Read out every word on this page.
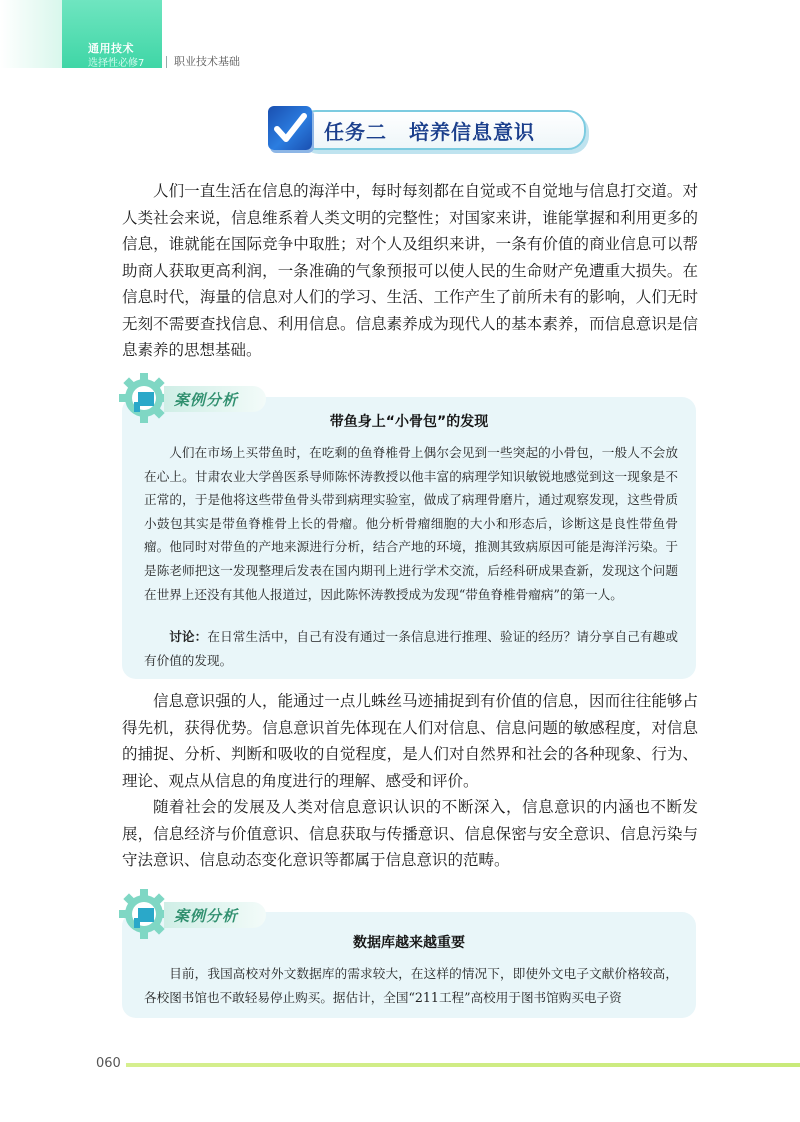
通用技术
选择性必修7	职业技术基础
任务二 培养信息意识

人们一直生活在信息的海洋中，每时每刻都在自觉或不自觉地与信息打交道。对人类社会来说，信息维系着人类文明的完整性；对国家来讲，谁能掌握和利用更多的信息，谁就能在国际竞争中取胜；对个人及组织来讲，一条有价值的商业信息可以帮助商人获取更高利润，一条准确的气象预报可以使人民的生命财产免遭重大损失。在信息时代，海量的信息对人们的学习、生活、工作产生了前所未有的影响，人们无时无刻不需要查找信息、利用信息。信息素养成为现代人的基本素养，而信息意识是信息素养的思想基础。

带鱼身上“小骨包”的发现

人们在市场上买带鱼时，在吃剩的鱼脊椎骨上偶尔会见到一些突起的小骨包，一般人不会放在心上。甘肃农业大学兽医系导师陈怀涛教授以他丰富的病理学知识敏锐地感觉到这一现象是不正常的，于是他将这些带鱼骨头带到病理实验室，做成了病理骨磨片，通过观察发现，这些骨质小鼓包其实是带鱼脊椎骨上长的骨瘤。他分析骨瘤细胞的大小和形态后，诊断这是良性带鱼骨瘤。他同时对带鱼的产地来源进行分析，结合产地的环境，推测其致病原因可能是海洋污染。于是陈老师把这一发现整理后发表在国内期刊上进行学术交流，后经科研成果查新，发现这个问题在世界上还没有其他人报道过，因此陈怀涛教授成为发现“带鱼脊椎骨瘤病”的第一人。

讨论：在日常生活中，自己有没有通过一条信息进行推理、验证的经历？请分享自己有趣或有价值的发现。

案例分析

信息意识强的人，能通过一点儿蛛丝马迹捕捉到有价值的信息，因而往往能够占得先机，获得优势。信息意识首先体现在人们对信息、信息问题的敏感程度，对信息的捕捉、分析、判断和吸收的自觉程度，是人们对自然界和社会的各种现象、行为、理论、观点从信息的角度进行的理解、感受和评价。

随着社会的发展及人类对信息意识认识的不断深入，信息意识的内涵也不断发展，信息经济与价值意识、信息获取与传播意识、信息保密与安全意识、信息污染与守法意识、信息动态变化意识等都属于信息意识的范畴。

数据库越来越重要

目前，我国高校对外文数据库的需求较大，在这样的情况下，即使外文电子文献价格较高，各校图书馆也不敢轻易停止购买。据估计，全国“211工程”高校用于图书馆购买电子资

案例分析
060
